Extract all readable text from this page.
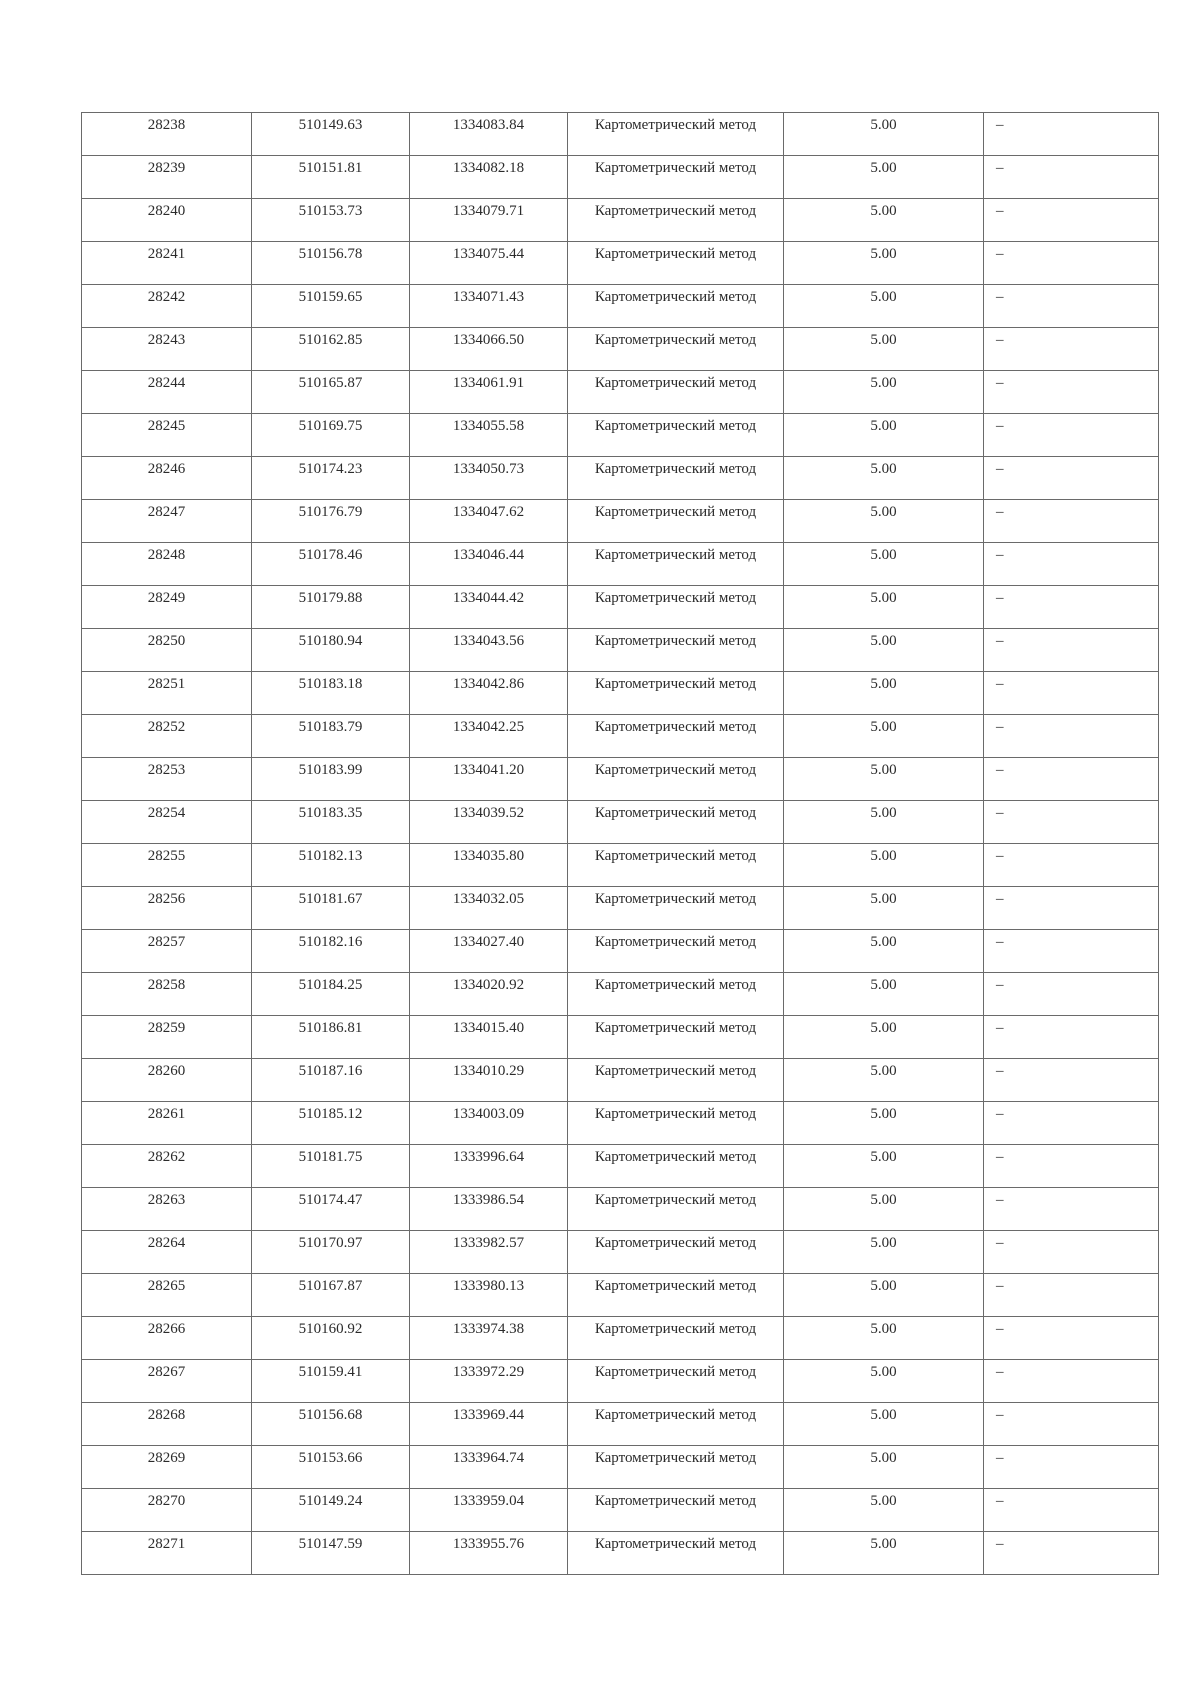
28238	510149.63	1334083.84	Картометрический метод	5.00	–

28239	510151.81	1334082.18	Картометрический метод	5.00	–

28240	510153.73	1334079.71	Картометрический метод	5.00	–

28241	510156.78	1334075.44	Картометрический метод	5.00	–

28242	510159.65	1334071.43	Картометрический метод	5.00	–

28243	510162.85	1334066.50	Картометрический метод	5.00	–

28244	510165.87	1334061.91	Картометрический метод	5.00	–

28245	510169.75	1334055.58	Картометрический метод	5.00	–

28246	510174.23	1334050.73	Картометрический метод	5.00	–

28247	510176.79	1334047.62	Картометрический метод	5.00	–

28248	510178.46	1334046.44	Картометрический метод	5.00	–

28249	510179.88	1334044.42	Картометрический метод	5.00	–

28250	510180.94	1334043.56	Картометрический метод	5.00	–

28251	510183.18	1334042.86	Картометрический метод	5.00	–

28252	510183.79	1334042.25	Картометрический метод	5.00	–

28253	510183.99	1334041.20	Картометрический метод	5.00	–

28254	510183.35	1334039.52	Картометрический метод	5.00	–

28255	510182.13	1334035.80	Картометрический метод	5.00	–

28256	510181.67	1334032.05	Картометрический метод	5.00	–

28257	510182.16	1334027.40	Картометрический метод	5.00	–

28258	510184.25	1334020.92	Картометрический метод	5.00	–

28259	510186.81	1334015.40	Картометрический метод	5.00	–

28260	510187.16	1334010.29	Картометрический метод	5.00	–

28261	510185.12	1334003.09	Картометрический метод	5.00	–

28262	510181.75	1333996.64	Картометрический метод	5.00	–

28263	510174.47	1333986.54	Картометрический метод	5.00	–

28264	510170.97	1333982.57	Картометрический метод	5.00	–

28265	510167.87	1333980.13	Картометрический метод	5.00	–

28266	510160.92	1333974.38	Картометрический метод	5.00	–

28267	510159.41	1333972.29	Картометрический метод	5.00	–

28268	510156.68	1333969.44	Картометрический метод	5.00	–

28269	510153.66	1333964.74	Картометрический метод	5.00	–

28270	510149.24	1333959.04	Картометрический метод	5.00	–

28271	510147.59	1333955.76	Картометрический метод	5.00	–
